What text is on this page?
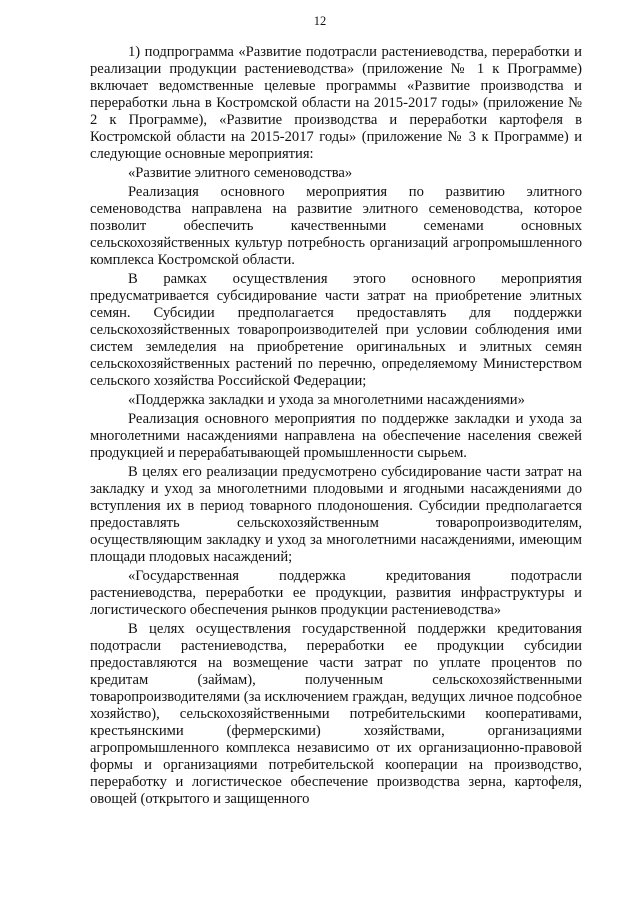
12

1) подпрограмма «Развитие подотрасли растениеводства, переработки и реализации продукции растениеводства» (приложение № 1 к Программе) включает ведомственные целевые программы «Развитие производства и переработки льна в Костромской области на 2015-2017 годы» (приложение № 2 к Программе), «Развитие производства и переработки картофеля в Костромской области на 2015-2017 годы» (приложение № 3 к Программе) и следующие основные мероприятия:

«Развитие элитного семеноводства»

Реализация основного мероприятия по развитию элитного семеноводства направлена на развитие элитного семеноводства, которое позволит обеспечить качественными семенами основных сельскохозяйственных культур потребность организаций агропромышленного комплекса Костромской области.

В рамках осуществления этого основного мероприятия предусматривается субсидирование части затрат на приобретение элитных семян. Субсидии предполагается предоставлять для поддержки сельскохозяйственных товаропроизводителей при условии соблюдения ими систем земледелия на приобретение оригинальных и элитных семян сельскохозяйственных растений по перечню, определяемому Министерством сельского хозяйства Российской Федерации;

«Поддержка закладки и ухода за многолетними насаждениями»

Реализация основного мероприятия по поддержке закладки и ухода за многолетними насаждениями направлена на обеспечение населения свежей продукцией и перерабатывающей промышленности сырьем.

В целях его реализации предусмотрено субсидирование части затрат на закладку и уход за многолетними плодовыми и ягодными насаждениями до вступления их в период товарного плодоношения. Субсидии предполагается предоставлять сельскохозяйственным товаропроизводителям, осуществляющим закладку и уход за многолетними насаждениями, имеющим площади плодовых насаждений;

«Государственная поддержка кредитования подотрасли растениеводства, переработки ее продукции, развития инфраструктуры и логистического обеспечения рынков продукции растениеводства»

В целях осуществления государственной поддержки кредитования подотрасли растениеводства, переработки ее продукции субсидии предоставляются на возмещение части затрат по уплате процентов по кредитам (займам), полученным сельскохозяйственными товаропроизводителями (за исключением граждан, ведущих личное подсобное хозяйство), сельскохозяйственными потребительскими кооперативами, крестьянскими (фермерскими) хозяйствами, организациями агропромышленного комплекса независимо от их организационно-правовой формы и организациями потребительской кооперации на производство, переработку и логистическое обеспечение производства зерна, картофеля, овощей (открытого и защищенного
